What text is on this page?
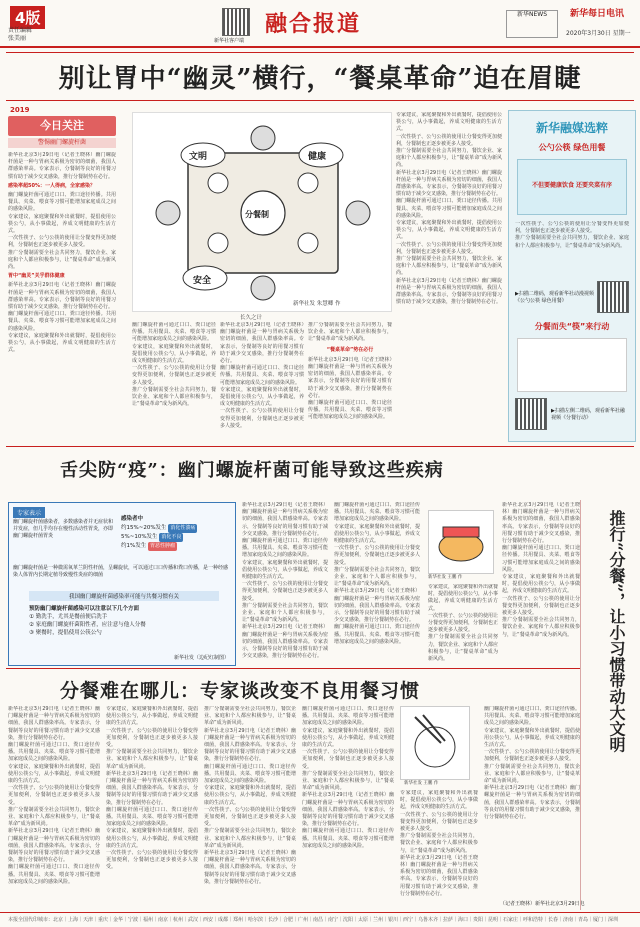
4版
责任编辑
张美丽	新华社客户端
融合报道	新华NEWS	新华每日电讯
2020年3月30日 星期一
别让胃中“幽灵”横行，“餐桌革命”迫在眉睫
今日关注
2019
警惕幽门螺旋杆菌

新华社北京3月29日电（记者王晓林）幽门螺旋杆菌是一种与胃病关系极为密切的细菌，我国人群感染率高。专家表示，分餐制等良好的用餐习惯有助于减少交叉感染，推行分餐制势在必行。

感染率超50%：一人得病，全家感染？

幽门螺旋杆菌可通过口口、粪口途径传播。共用餐具、夹菜、喂食等习惯可能增加家庭成员之间的感染风险。

专家建议，家庭聚餐和外出就餐时，提倡使用公筷公勺，从小事做起，养成文明健康的生活方式。

一次性筷子、公勺公筷的使用让分餐变得更加便利，分餐制也正逐步被更多人接受。

推广分餐制需要全社会共同努力，餐饮企业、家庭和个人都应积极参与，让“餐桌革命”成为新风尚。

胃中“幽灵”关乎群体健康

新华社北京3月29日电（记者王晓林）幽门螺旋杆菌是一种与胃病关系极为密切的细菌，我国人群感染率高。专家表示，分餐制等良好的用餐习惯有助于减少交叉感染，推行分餐制势在必行。

幽门螺旋杆菌可通过口口、粪口途径传播。共用餐具、夹菜、喂食等习惯可能增加家庭成员之间的感染风险。

专家建议，家庭聚餐和外出就餐时，提倡使用公筷公勺，从小事做起，养成文明健康的生活方式。

文明	健康
分餐制
安全
新华社发 朱慧卿 作
长久之计

专家建议，家庭聚餐和外出就餐时，提倡使用公筷公勺，从小事做起，养成文明健康的生活方式。

一次性筷子、公勺公筷的使用让分餐变得更加便利，分餐制也正逐步被更多人接受。

推广分餐制需要全社会共同努力，餐饮企业、家庭和个人都应积极参与，让“餐桌革命”成为新风尚。

新华社北京3月29日电（记者王晓林）幽门螺旋杆菌是一种与胃病关系极为密切的细菌，我国人群感染率高。专家表示，分餐制等良好的用餐习惯有助于减少交叉感染，推行分餐制势在必行。

幽门螺旋杆菌可通过口口、粪口途径传播。共用餐具、夹菜、喂食等习惯可能增加家庭成员之间的感染风险。

专家建议，家庭聚餐和外出就餐时，提倡使用公筷公勺，从小事做起，养成文明健康的生活方式。

一次性筷子、公勺公筷的使用让分餐变得更加便利，分餐制也正逐步被更多人接受。

推广分餐制需要全社会共同努力，餐饮企业、家庭和个人都应积极参与，让“餐桌革命”成为新风尚。

新华社北京3月29日电（记者王晓林）幽门螺旋杆菌是一种与胃病关系极为密切的细菌，我国人群感染率高。专家表示，分餐制等良好的用餐习惯有助于减少交叉感染，推行分餐制势在必行。

幽门螺旋杆菌可通过口口、粪口途径传播。共用餐具、夹菜、喂食等习惯可能增加家庭成员之间的感染风险。

专家建议，家庭聚餐和外出就餐时，提倡使用公筷公勺，从小事做起，养成文明健康的生活方式。

一次性筷子、公勺公筷的使用让分餐变得更加便利，分餐制也正逐步被更多人接受。

推广分餐制需要全社会共同努力，餐饮企业、家庭和个人都应积极参与，让“餐桌革命”成为新风尚。

新华社北京3月29日电（记者王晓林）幽门螺旋杆菌是一种与胃病关系极为密切的细菌，我国人群感染率高。专家表示，分餐制等良好的用餐习惯有助于减少交叉感染，推行分餐制势在必行。

幽门螺旋杆菌可通过口口、粪口途径传播。共用餐具、夹菜、喂食等习惯可能增加家庭成员之间的感染风险。

专家建议，家庭聚餐和外出就餐时，提倡使用公筷公勺，从小事做起，养成文明健康的生活方式。

一次性筷子、公勺公筷的使用让分餐变得更加便利，分餐制也正逐步被更多人接受。

推广分餐制需要全社会共同努力，餐饮企业、家庭和个人都应积极参与，让“餐桌革命”成为新风尚。

“餐桌革命”势在必行

新华社北京3月29日电（记者王晓林）幽门螺旋杆菌是一种与胃病关系极为密切的细菌，我国人群感染率高。专家表示，分餐制等良好的用餐习惯有助于减少交叉感染，推行分餐制势在必行。

幽门螺旋杆菌可通过口口、粪口途径传播。共用餐具、夹菜、喂食等习惯可能增加家庭成员之间的感染风险。

新华融媒选粹
公勺公筷 绿色用餐
不但要健康饮食 还要夹菜有序

一次性筷子、公勺公筷的使用让分餐变得更加便利，分餐制也正逐步被更多人接受。

推广分餐制需要全社会共同努力，餐饮企业、家庭和个人都应积极参与，让“餐桌革命”成为新风尚。

▶扫描二维码，观看新华社动漫视频《公勺公筷 绿色用餐》
分餐而失“筷”来行动
▶扫描左侧二维码，观看新华社融视频《分餐行动》
舌尖防“疫”：幽门螺旋杆菌可能导致这些疾病
专家表示
幽门螺旋杆菌感染者，多数感染者并无症状和并发症，但几乎均存在慢性活动性胃炎，亦即幽门螺旋杆菌胃炎
感染者中
约15%~20%发生 消化性溃疡
5%~10%发生 消化不良
约1%发生 胃恶性肿瘤
幽门螺旋杆菌是一种微需氧革兰阴性杆菌，呈螺旋状，可以通过口口传播和粪口传播，是一种经感染人体胃内长期定植导致慢性炎症的细菌
我国幽门螺旋杆菌感染率可能与共餐习惯有关
预防幽门螺旋杆菌感染可以注意以下几个方面
① 勤洗手，尤其是餐前便后洗手
② 家庭幽门螺旋杆菌阳性者，应注意与他人分餐
③ 聚餐时，提倡使用公筷公勺
新华社发（边纪红制图）

新华社北京3月29日电（记者王晓林）幽门螺旋杆菌是一种与胃病关系极为密切的细菌，我国人群感染率高。专家表示，分餐制等良好的用餐习惯有助于减少交叉感染，推行分餐制势在必行。

幽门螺旋杆菌可通过口口、粪口途径传播。共用餐具、夹菜、喂食等习惯可能增加家庭成员之间的感染风险。

专家建议，家庭聚餐和外出就餐时，提倡使用公筷公勺，从小事做起，养成文明健康的生活方式。

一次性筷子、公勺公筷的使用让分餐变得更加便利，分餐制也正逐步被更多人接受。

推广分餐制需要全社会共同努力，餐饮企业、家庭和个人都应积极参与，让“餐桌革命”成为新风尚。

新华社北京3月29日电（记者王晓林）幽门螺旋杆菌是一种与胃病关系极为密切的细菌，我国人群感染率高。专家表示，分餐制等良好的用餐习惯有助于减少交叉感染，推行分餐制势在必行。

幽门螺旋杆菌可通过口口、粪口途径传播。共用餐具、夹菜、喂食等习惯可能增加家庭成员之间的感染风险。

专家建议，家庭聚餐和外出就餐时，提倡使用公筷公勺，从小事做起，养成文明健康的生活方式。

一次性筷子、公勺公筷的使用让分餐变得更加便利，分餐制也正逐步被更多人接受。

推广分餐制需要全社会共同努力，餐饮企业、家庭和个人都应积极参与，让“餐桌革命”成为新风尚。

新华社北京3月29日电（记者王晓林）幽门螺旋杆菌是一种与胃病关系极为密切的细菌，我国人群感染率高。专家表示，分餐制等良好的用餐习惯有助于减少交叉感染，推行分餐制势在必行。

幽门螺旋杆菌可通过口口、粪口途径传播。共用餐具、夹菜、喂食等习惯可能增加家庭成员之间的感染风险。

新华社发 王鹏 作

专家建议，家庭聚餐和外出就餐时，提倡使用公筷公勺，从小事做起，养成文明健康的生活方式。

一次性筷子、公勺公筷的使用让分餐变得更加便利，分餐制也正逐步被更多人接受。

推广分餐制需要全社会共同努力，餐饮企业、家庭和个人都应积极参与，让“餐桌革命”成为新风尚。

新华社北京3月29日电（记者王晓林）幽门螺旋杆菌是一种与胃病关系极为密切的细菌，我国人群感染率高。专家表示，分餐制等良好的用餐习惯有助于减少交叉感染，推行分餐制势在必行。

幽门螺旋杆菌可通过口口、粪口途径传播。共用餐具、夹菜、喂食等习惯可能增加家庭成员之间的感染风险。

专家建议，家庭聚餐和外出就餐时，提倡使用公筷公勺，从小事做起，养成文明健康的生活方式。

一次性筷子、公勺公筷的使用让分餐变得更加便利，分餐制也正逐步被更多人接受。

推广分餐制需要全社会共同努力，餐饮企业、家庭和个人都应积极参与，让“餐桌革命”成为新风尚。

分餐难在哪儿：专家谈改变不良用餐习惯

新华社北京3月29日电（记者王晓林）幽门螺旋杆菌是一种与胃病关系极为密切的细菌，我国人群感染率高。专家表示，分餐制等良好的用餐习惯有助于减少交叉感染，推行分餐制势在必行。

幽门螺旋杆菌可通过口口、粪口途径传播。共用餐具、夹菜、喂食等习惯可能增加家庭成员之间的感染风险。

专家建议，家庭聚餐和外出就餐时，提倡使用公筷公勺，从小事做起，养成文明健康的生活方式。

一次性筷子、公勺公筷的使用让分餐变得更加便利，分餐制也正逐步被更多人接受。

推广分餐制需要全社会共同努力，餐饮企业、家庭和个人都应积极参与，让“餐桌革命”成为新风尚。

新华社北京3月29日电（记者王晓林）幽门螺旋杆菌是一种与胃病关系极为密切的细菌，我国人群感染率高。专家表示，分餐制等良好的用餐习惯有助于减少交叉感染，推行分餐制势在必行。

幽门螺旋杆菌可通过口口、粪口途径传播。共用餐具、夹菜、喂食等习惯可能增加家庭成员之间的感染风险。

专家建议，家庭聚餐和外出就餐时，提倡使用公筷公勺，从小事做起，养成文明健康的生活方式。

一次性筷子、公勺公筷的使用让分餐变得更加便利，分餐制也正逐步被更多人接受。

推广分餐制需要全社会共同努力，餐饮企业、家庭和个人都应积极参与，让“餐桌革命”成为新风尚。

新华社北京3月29日电（记者王晓林）幽门螺旋杆菌是一种与胃病关系极为密切的细菌，我国人群感染率高。专家表示，分餐制等良好的用餐习惯有助于减少交叉感染，推行分餐制势在必行。

幽门螺旋杆菌可通过口口、粪口途径传播。共用餐具、夹菜、喂食等习惯可能增加家庭成员之间的感染风险。

专家建议，家庭聚餐和外出就餐时，提倡使用公筷公勺，从小事做起，养成文明健康的生活方式。

一次性筷子、公勺公筷的使用让分餐变得更加便利，分餐制也正逐步被更多人接受。

推广分餐制需要全社会共同努力，餐饮企业、家庭和个人都应积极参与，让“餐桌革命”成为新风尚。

新华社北京3月29日电（记者王晓林）幽门螺旋杆菌是一种与胃病关系极为密切的细菌，我国人群感染率高。专家表示，分餐制等良好的用餐习惯有助于减少交叉感染，推行分餐制势在必行。

幽门螺旋杆菌可通过口口、粪口途径传播。共用餐具、夹菜、喂食等习惯可能增加家庭成员之间的感染风险。

专家建议，家庭聚餐和外出就餐时，提倡使用公筷公勺，从小事做起，养成文明健康的生活方式。

一次性筷子、公勺公筷的使用让分餐变得更加便利，分餐制也正逐步被更多人接受。

推广分餐制需要全社会共同努力，餐饮企业、家庭和个人都应积极参与，让“餐桌革命”成为新风尚。

新华社北京3月29日电（记者王晓林）幽门螺旋杆菌是一种与胃病关系极为密切的细菌，我国人群感染率高。专家表示，分餐制等良好的用餐习惯有助于减少交叉感染，推行分餐制势在必行。

幽门螺旋杆菌可通过口口、粪口途径传播。共用餐具、夹菜、喂食等习惯可能增加家庭成员之间的感染风险。

专家建议，家庭聚餐和外出就餐时，提倡使用公筷公勺，从小事做起，养成文明健康的生活方式。

一次性筷子、公勺公筷的使用让分餐变得更加便利，分餐制也正逐步被更多人接受。

推广分餐制需要全社会共同努力，餐饮企业、家庭和个人都应积极参与，让“餐桌革命”成为新风尚。

新华社北京3月29日电（记者王晓林）幽门螺旋杆菌是一种与胃病关系极为密切的细菌，我国人群感染率高。专家表示，分餐制等良好的用餐习惯有助于减少交叉感染，推行分餐制势在必行。

幽门螺旋杆菌可通过口口、粪口途径传播。共用餐具、夹菜、喂食等习惯可能增加家庭成员之间的感染风险。

新华社发 王鹏 作

专家建议，家庭聚餐和外出就餐时，提倡使用公筷公勺，从小事做起，养成文明健康的生活方式。

一次性筷子、公勺公筷的使用让分餐变得更加便利，分餐制也正逐步被更多人接受。

推广分餐制需要全社会共同努力，餐饮企业、家庭和个人都应积极参与，让“餐桌革命”成为新风尚。

新华社北京3月29日电（记者王晓林）幽门螺旋杆菌是一种与胃病关系极为密切的细菌，我国人群感染率高。专家表示，分餐制等良好的用餐习惯有助于减少交叉感染，推行分餐制势在必行。

幽门螺旋杆菌可通过口口、粪口途径传播。共用餐具、夹菜、喂食等习惯可能增加家庭成员之间的感染风险。

专家建议，家庭聚餐和外出就餐时，提倡使用公筷公勺，从小事做起，养成文明健康的生活方式。

一次性筷子、公勺公筷的使用让分餐变得更加便利，分餐制也正逐步被更多人接受。

推广分餐制需要全社会共同努力，餐饮企业、家庭和个人都应积极参与，让“餐桌革命”成为新风尚。

新华社北京3月29日电（记者王晓林）幽门螺旋杆菌是一种与胃病关系极为密切的细菌，我国人群感染率高。专家表示，分餐制等良好的用餐习惯有助于减少交叉感染，推行分餐制势在必行。

（记者王晓林）新华社北京3月29日电
推行“分餐”，让小习惯带动大文明
本报全国代印城市：北京｜上海｜天津｜重庆｜金华｜宁波｜福州｜南京｜杭州｜武汉｜西安｜成都｜郑州｜哈尔滨｜长沙｜合肥｜广州｜南昌｜南宁｜沈阳｜太原｜兰州｜银川｜西宁｜乌鲁木齐｜拉萨｜海口｜贵阳｜昆明｜石家庄｜呼和浩特｜长春｜济南｜青岛｜厦门｜深圳
